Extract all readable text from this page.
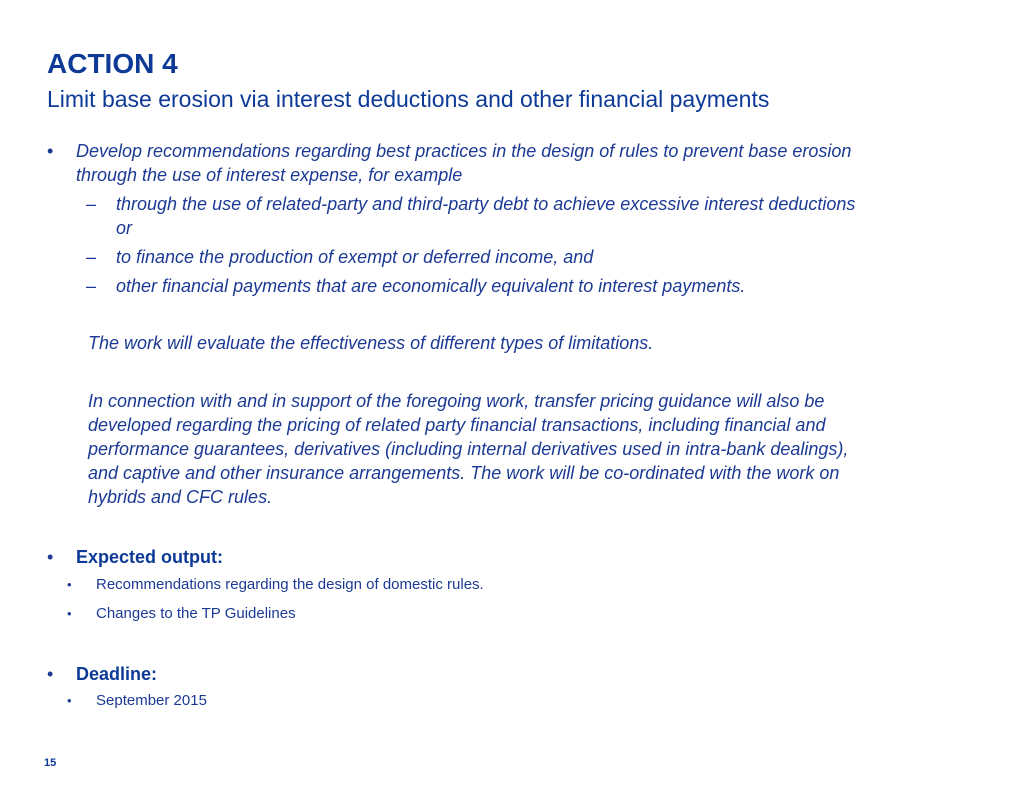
ACTION 4
Limit base erosion via interest deductions and other financial payments
• Develop recommendations regarding best practices in the design of rules to prevent base erosion
through the use of interest expense, for example
– through the use of related-party and third-party debt to achieve excessive interest deductions
or
– to finance the production of exempt or deferred income, and
– other financial payments that are economically equivalent to interest payments.
The work will evaluate the effectiveness of different types of limitations.
In connection with and in support of the foregoing work, transfer pricing guidance will also be
developed regarding the pricing of related party financial transactions, including financial and
performance guarantees, derivatives (including internal derivatives used in intra-bank dealings),
and captive and other insurance arrangements. The work will be co-ordinated with the work on
hybrids and CFC rules.
• Expected output:
• Recommendations regarding the design of domestic rules.
• Changes to the TP Guidelines
• Deadline:
• September 2015
15
